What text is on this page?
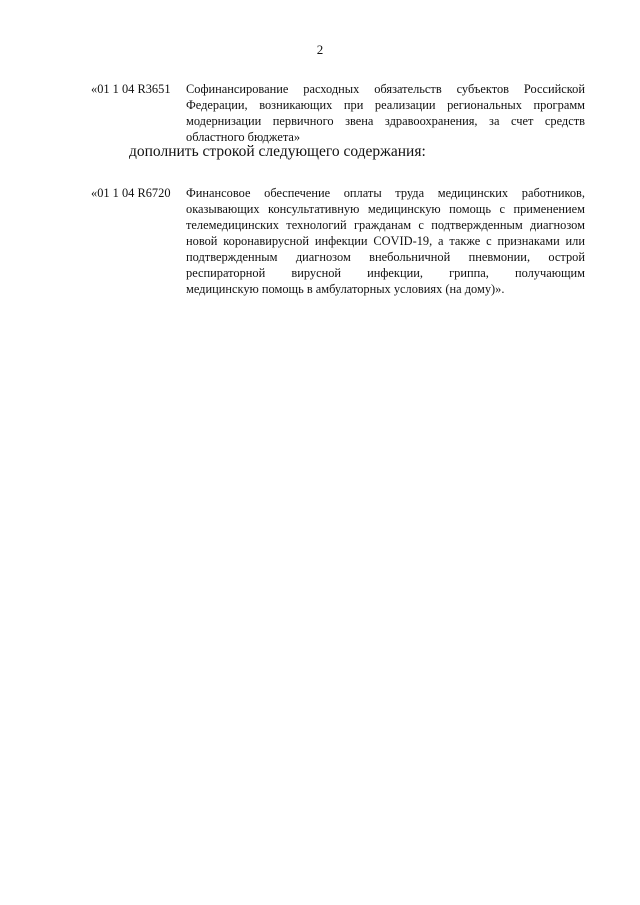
2
«01 1 04 R3651	Софинансирование расходных обязательств субъектов Российской
Федерации, возникающих при реализации региональных программ
модернизации первичного звена здравоохранения, за счет средств
областного бюджета»
дополнить строкой следующего содержания:
«01 1 04 R6720	Финансовое обеспечение оплаты труда медицинских работников,
оказывающих консультативную медицинскую помощь с применением
телемедицинских технологий гражданам с подтвержденным диагнозом
новой коронавирусной инфекции COVID-19, а также с признаками или
подтвержденным диагнозом внебольничной пневмонии, острой
респираторной вирусной инфекции, гриппа, получающим
медицинскую помощь в амбулаторных условиях (на дому)».
